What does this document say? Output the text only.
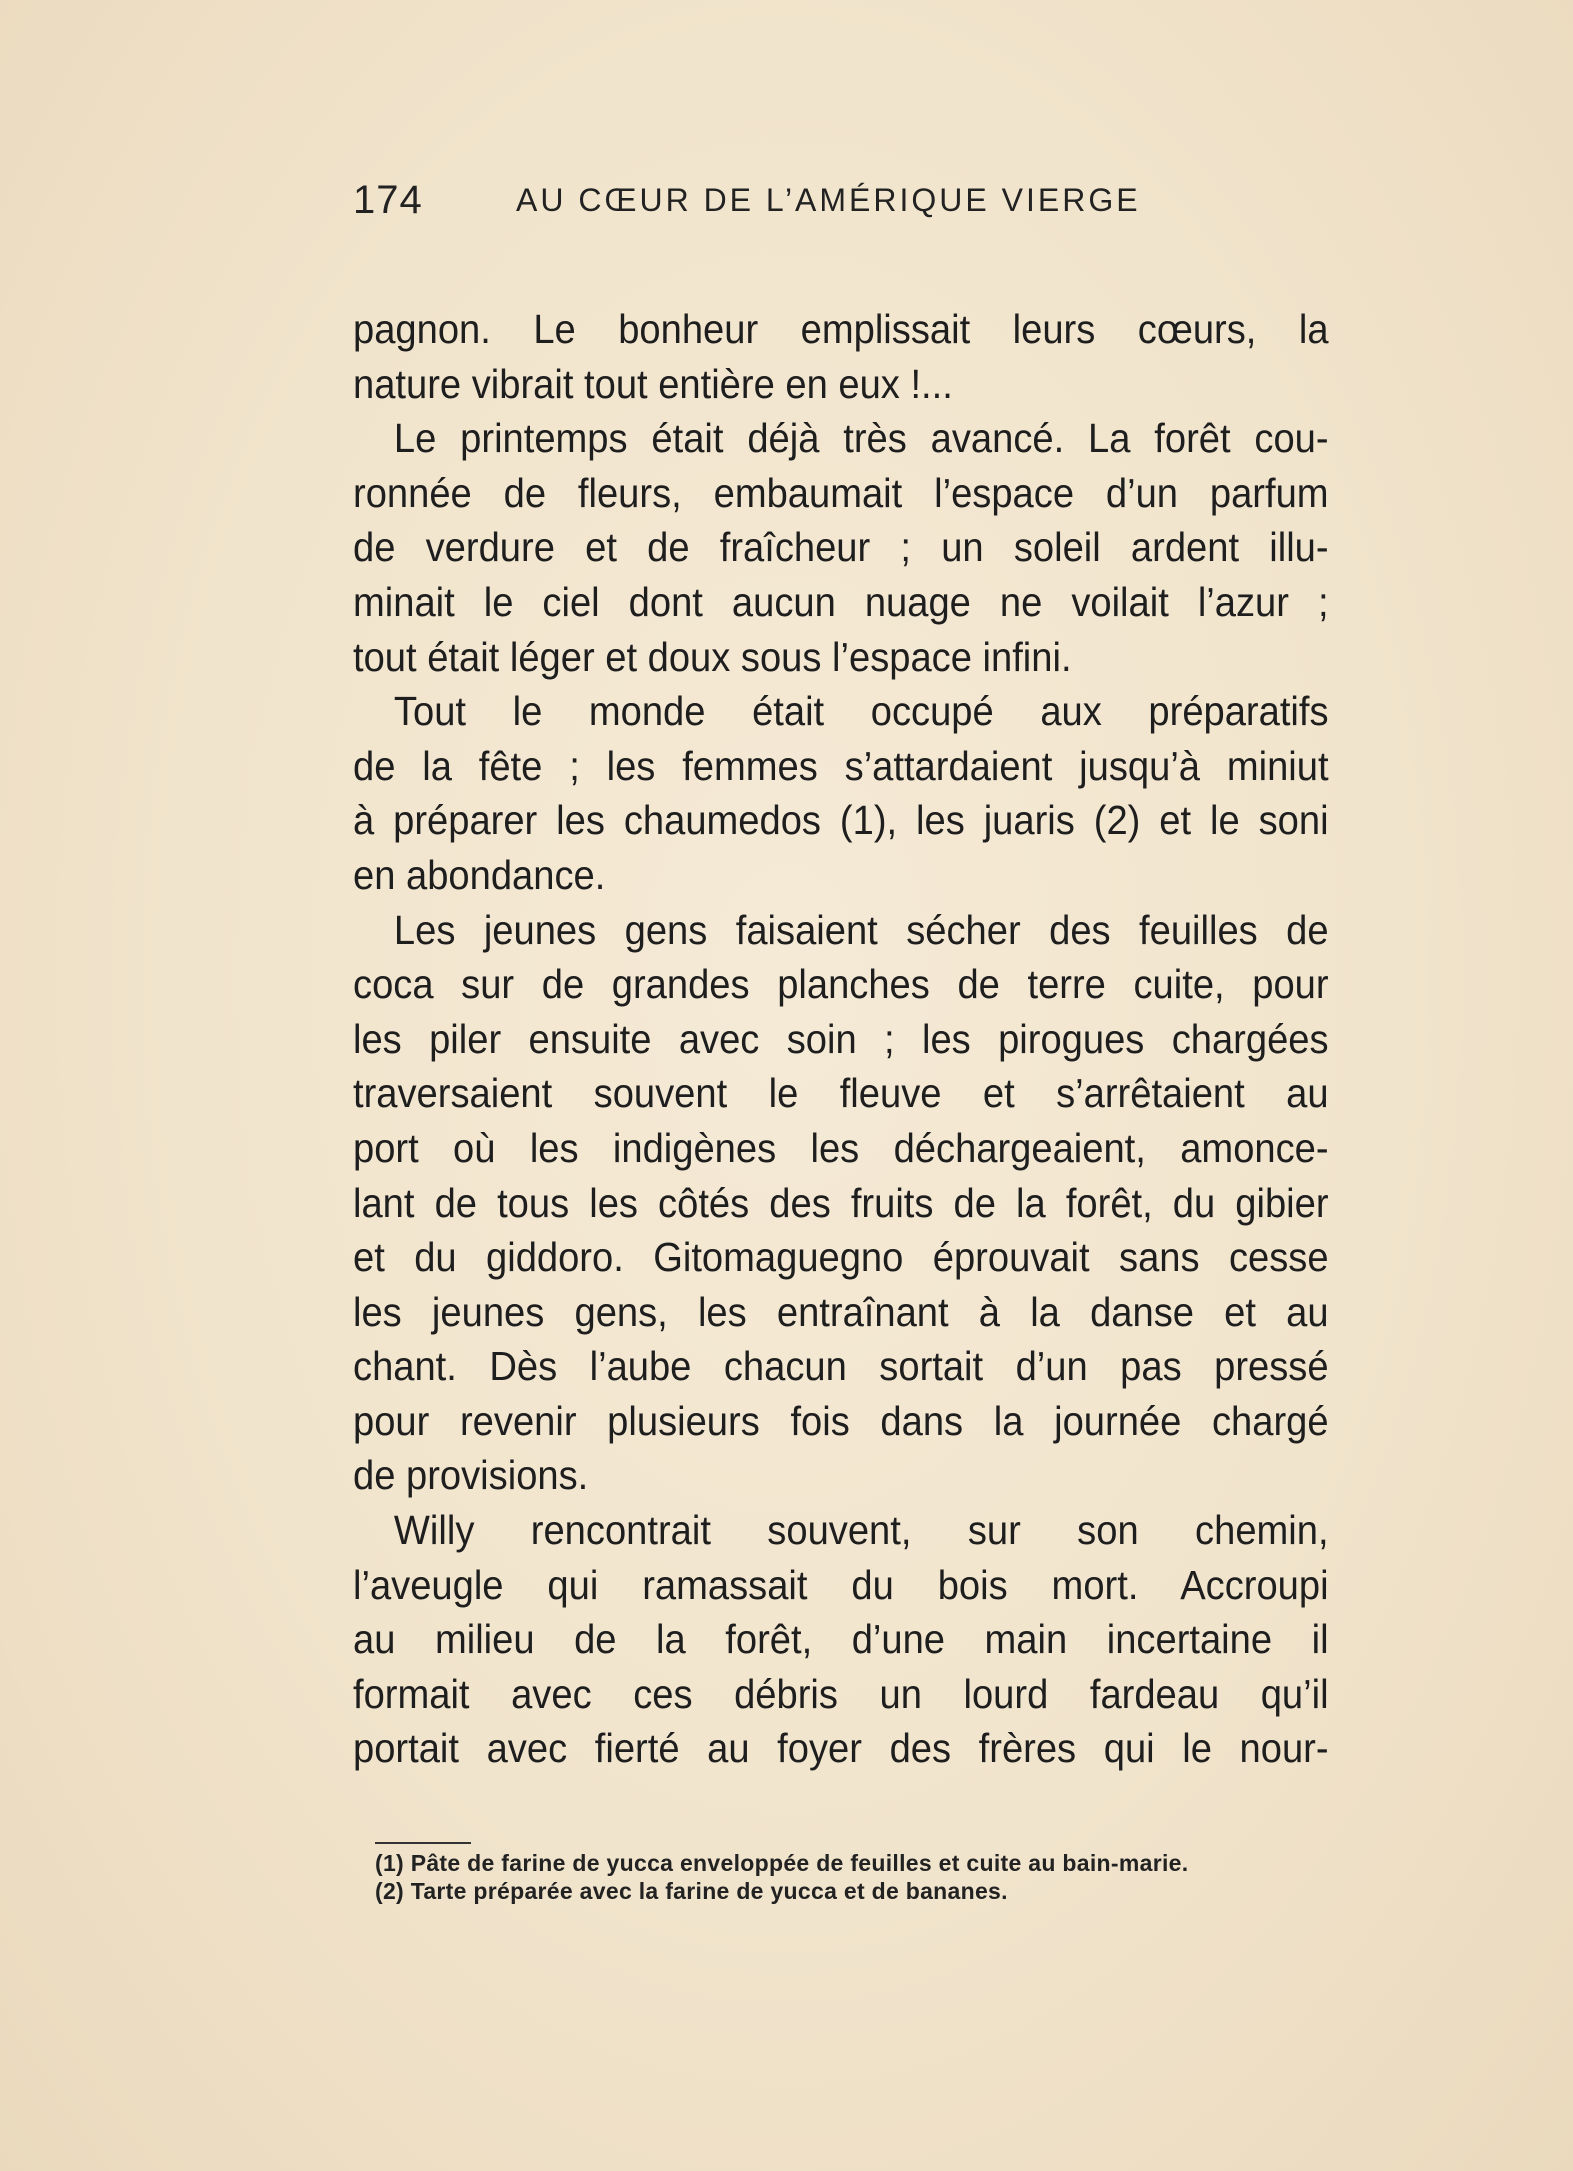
174	AU CŒUR DE L’AMÉRIQUE VIERGE
pagnon. Le bonheur emplissait leurs cœurs, la
nature vibrait tout entière en eux !...
Le printemps était déjà très avancé. La forêt cou-
ronnée de fleurs, embaumait l’espace d’un parfum
de verdure et de fraîcheur ; un soleil ardent illu-
minait le ciel dont aucun nuage ne voilait l’azur ;
tout était léger et doux sous l’espace infini.
Tout le monde était occupé aux préparatifs
de la fête ; les femmes s’attardaient jusqu’à miniut
à préparer les chaumedos (1), les juaris (2) et le soni
en abondance.
Les jeunes gens faisaient sécher des feuilles de
coca sur de grandes planches de terre cuite, pour
les piler ensuite avec soin ; les pirogues chargées
traversaient souvent le fleuve et s’arrêtaient au
port où les indigènes les déchargeaient, amonce-
lant de tous les côtés des fruits de la forêt, du gibier
et du giddoro. Gitomaguegno éprouvait sans cesse
les jeunes gens, les entraînant à la danse et au
chant. Dès l’aube chacun sortait d’un pas pressé
pour revenir plusieurs fois dans la journée chargé
de provisions.
Willy rencontrait souvent, sur son chemin,
l’aveugle qui ramassait du bois mort. Accroupi
au milieu de la forêt, d’une main incertaine il
formait avec ces débris un lourd fardeau qu’il
portait avec fierté au foyer des frères qui le nour-
(1) Pâte de farine de yucca enveloppée de feuilles et cuite au bain-marie.
(2) Tarte préparée avec la farine de yucca et de bananes.
